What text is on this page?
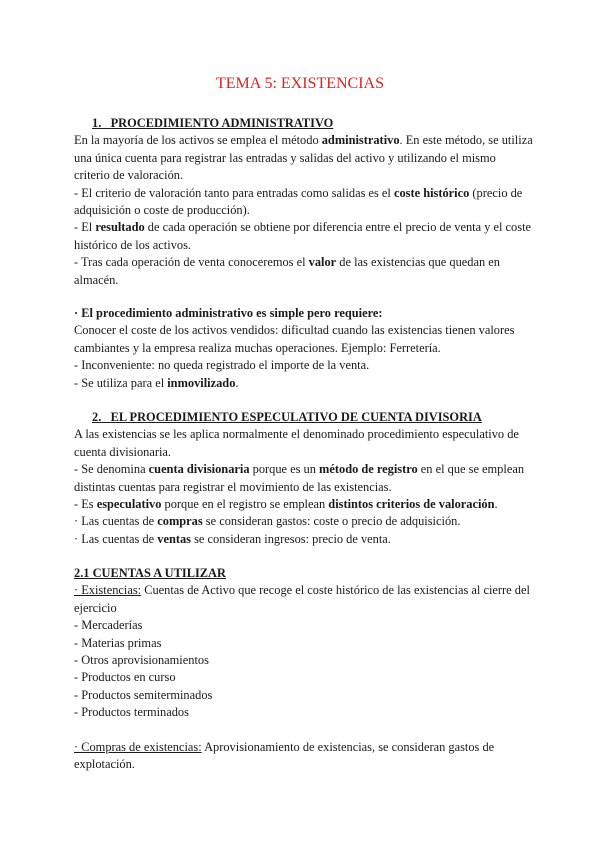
TEMA 5: EXISTENCIAS

1. PROCEDIMIENTO ADMINISTRATIVO

En la mayoría de los activos se emplea el método administrativo. En este método, se utiliza una única cuenta para registrar las entradas y salidas del activo y utilizando el mismo criterio de valoración.

- El criterio de valoración tanto para entradas como salidas es el coste histórico (precio de adquisición o coste de producción).

- El resultado de cada operación se obtiene por diferencia entre el precio de venta y el coste histórico de los activos.

- Tras cada operación de venta conoceremos el valor de las existencias que quedan en almacén.

· El procedimiento administrativo es simple pero requiere:

Conocer el coste de los activos vendidos: dificultad cuando las existencias tienen valores cambiantes y la empresa realiza muchas operaciones. Ejemplo: Ferretería.

- Inconveniente: no queda registrado el importe de la venta.

- Se utiliza para el inmovilizado.

2. EL PROCEDIMIENTO ESPECULATIVO DE CUENTA DIVISORIA

A las existencias se les aplica normalmente el denominado procedimiento especulativo de cuenta divisionaria.

- Se denomina cuenta divisionaria porque es un método de registro en el que se emplean distintas cuentas para registrar el movimiento de las existencias.

- Es especulativo porque en el registro se emplean distintos criterios de valoración.

· Las cuentas de compras se consideran gastos: coste o precio de adquisición.

· Las cuentas de ventas se consideran ingresos: precio de venta.

2.1 CUENTAS A UTILIZAR

· Existencias: Cuentas de Activo que recoge el coste histórico de las existencias al cierre del ejercicio

- Mercaderías

- Materias primas

- Otros aprovisionamientos

- Productos en curso

- Productos semiterminados

- Productos terminados

· Compras de existencias: Aprovisionamiento de existencias, se consideran gastos de explotación.
